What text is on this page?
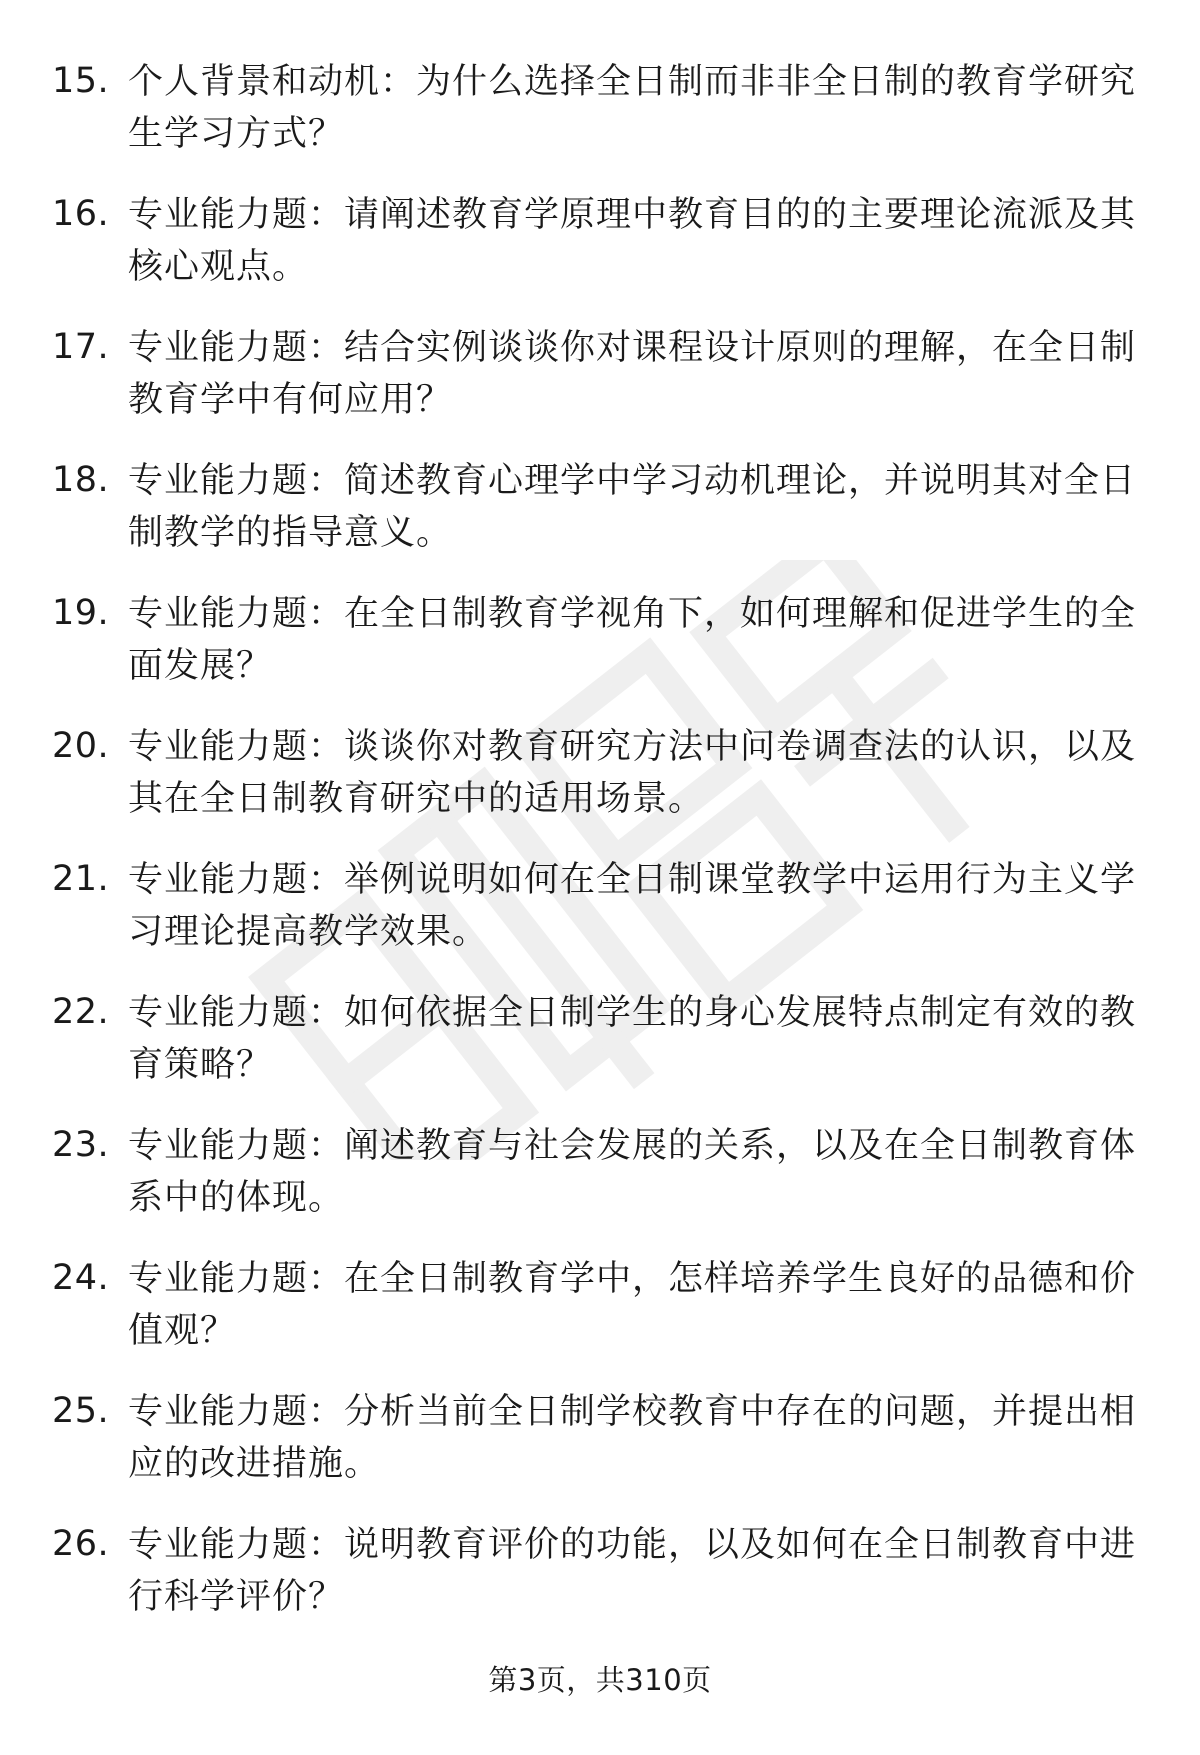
15. 个人背景和动机：为什么选择全日制而非非全日制的教育学研究生学习方式？
16. 专业能力题：请阐述教育学原理中教育目的的主要理论流派及其核心观点。
17. 专业能力题：结合实例谈谈你对课程设计原则的理解，在全日制教育学中有何应用？
18. 专业能力题：简述教育心理学中学习动机理论，并说明其对全日制教学的指导意义。
19. 专业能力题：在全日制教育学视角下，如何理解和促进学生的全面发展？
20. 专业能力题：谈谈你对教育研究方法中问卷调查法的认识，以及其在全日制教育研究中的适用场景。
21. 专业能力题：举例说明如何在全日制课堂教学中运用行为主义学习理论提高教学效果。
22. 专业能力题：如何依据全日制学生的身心发展特点制定有效的教育策略？
23. 专业能力题：阐述教育与社会发展的关系，以及在全日制教育体系中的体现。
24. 专业能力题：在全日制教育学中，怎样培养学生良好的品德和价值观？
25. 专业能力题：分析当前全日制学校教育中存在的问题，并提出相应的改进措施。
26. 专业能力题：说明教育评价的功能，以及如何在全日制教育中进行科学评价？
第3页，共310页
